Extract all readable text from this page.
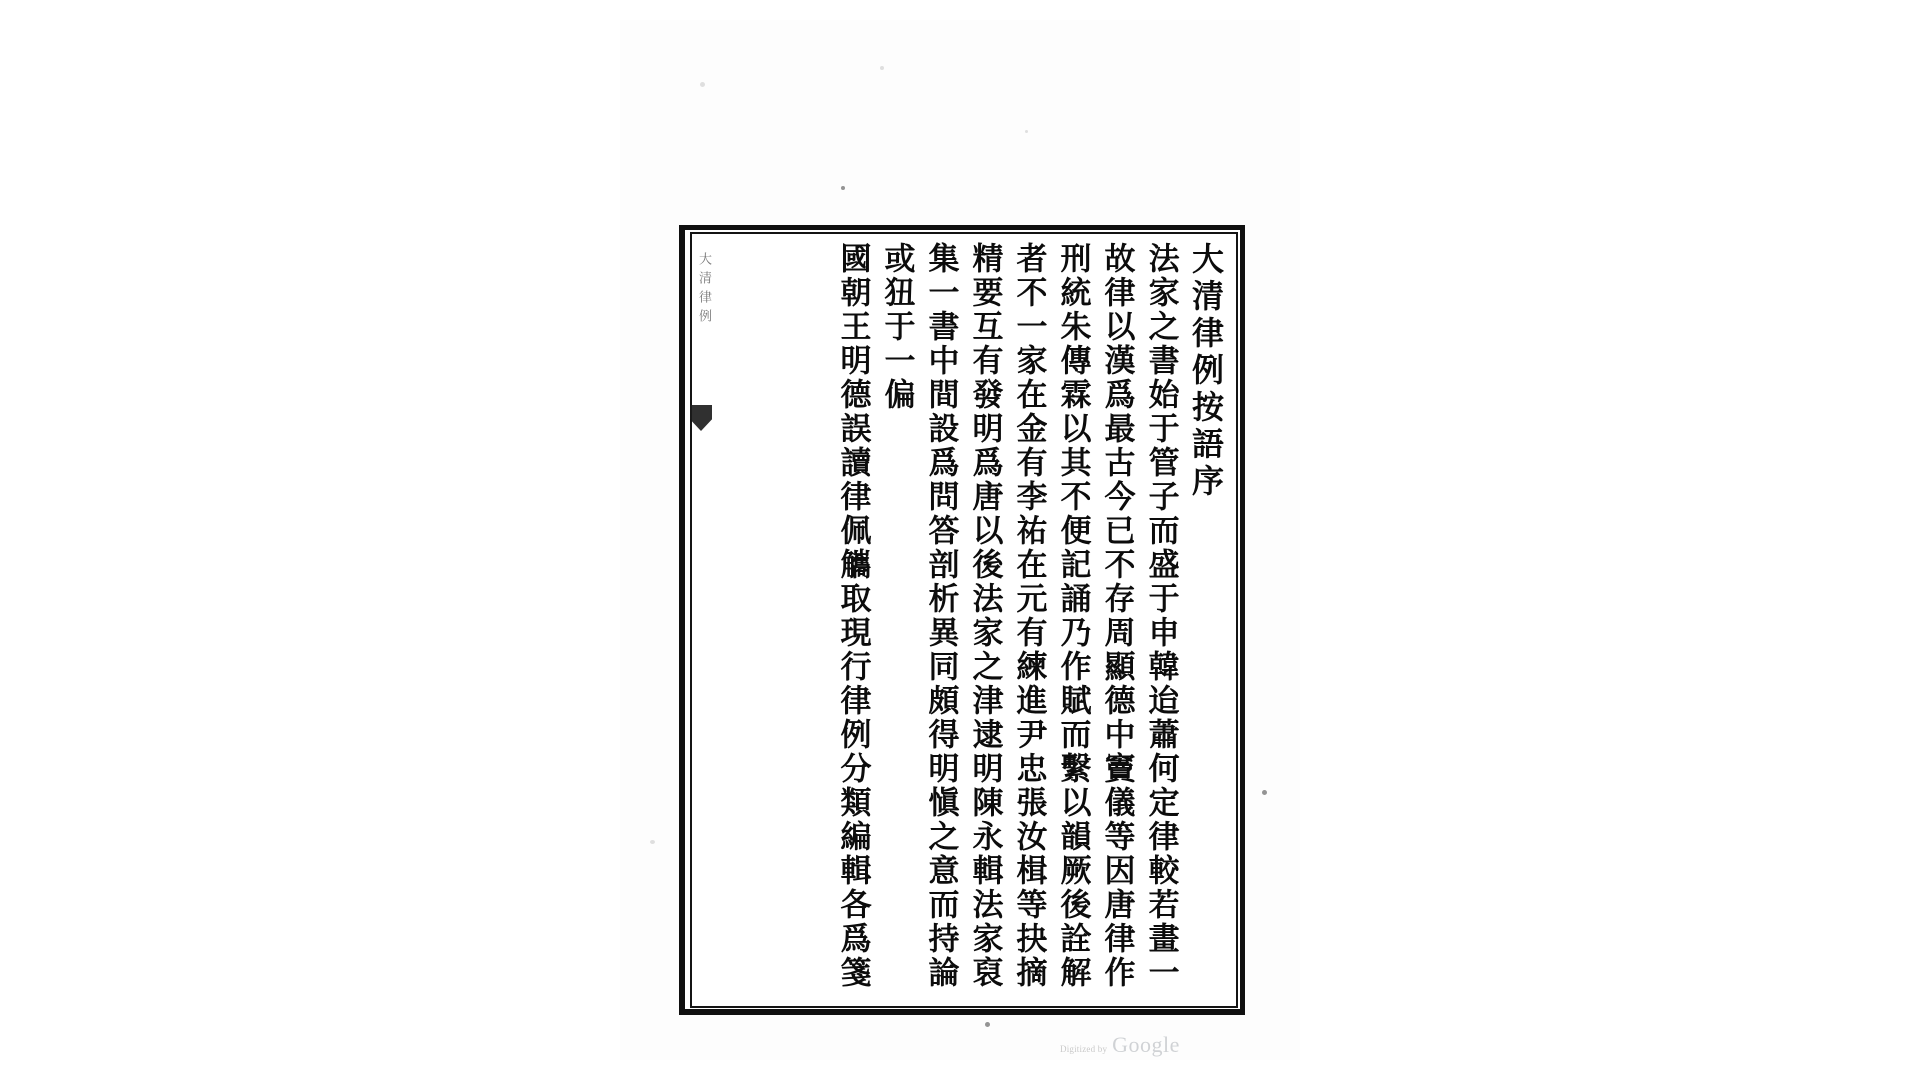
大清律例	大清律例按語序
法家之書始于管子而盛于申韓迨蕭何定律較若畫一
故律以漢爲最古今已不存周顯德中竇儀等因唐律作
刑統朱傳霖以其不便記誦乃作賦而繫以韻厥後詮解
者不一家在金有李祐在元有練進尹忠張汝楫等抉摘
精要互有發明爲唐以後法家之津逮明陳永輯法家裒
集一書中間設爲問答剖析異同頗得明愼之意而持論
或狃于一偏
國朝王明德誤讀律佩觿取現行律例分類編輯各爲箋
Digitized by Google
